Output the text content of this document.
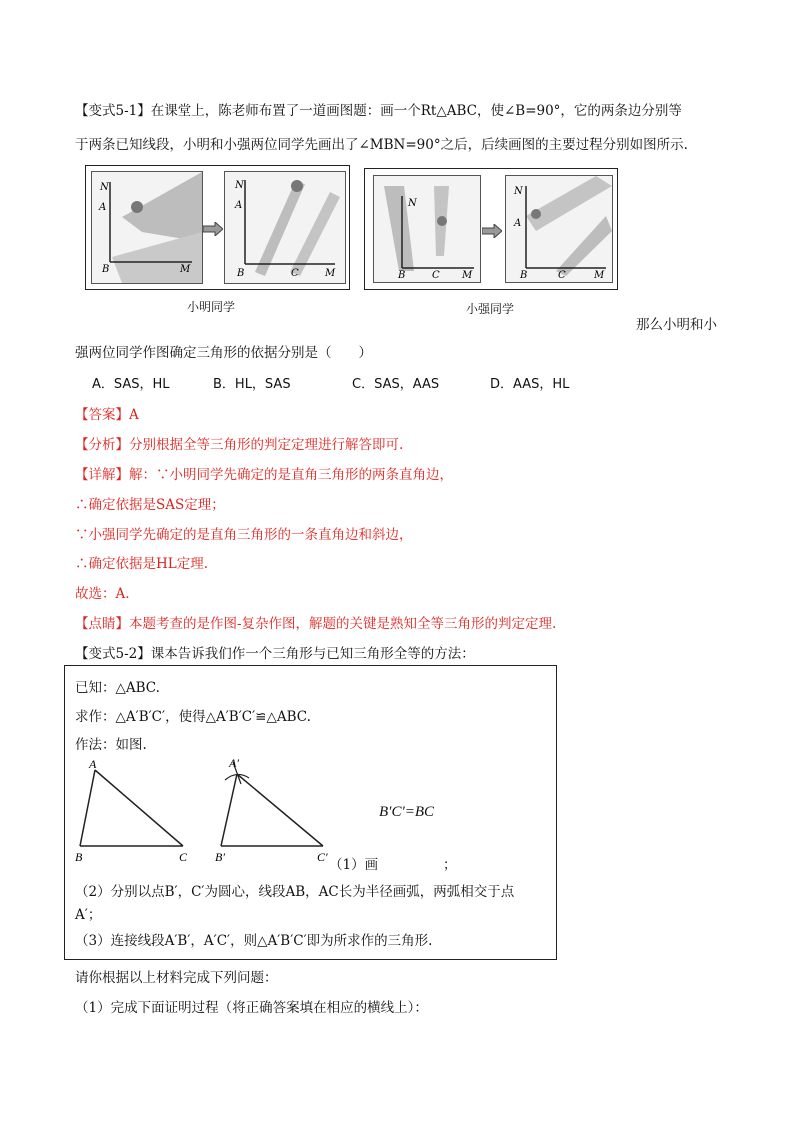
【变式5-1】在课堂上，陈老师布置了一道画图题：画一个Rt△ABC，使∠B=90°，它的两条边分别等
于两条已知线段，小明和小强两位同学先画出了∠MBN=90°之后，后续画图的主要过程分别如图所示.
N
A
B	M
N
A
B	C	M
小明同学
N
B	C M
N
A
B	C	M
小强同学
那么小明和小
强两位同学作图确定三角形的依据分别是（　　）
A．SAS，HL	B．HL，SAS	C．SAS，AAS	D．AAS，HL
【答案】A
【分析】分别根据全等三角形的判定定理进行解答即可.
【详解】解：∵小明同学先确定的是直角三角形的两条直角边，
∴确定依据是SAS定理；
∵小强同学先确定的是直角三角形的一条直角边和斜边，
∴确定依据是HL定理.
故选：A.
【点睛】本题考查的是作图-复杂作图，解题的关键是熟知全等三角形的判定定理.
【变式5-2】课本告诉我们作一个三角形与已知三角形全等的方法：
已知：△ABC.
求作：△A′B′C′，使得△A′B′C′≌△ABC.
作法：如图.
A
B	C
A′
B′	C′
B′C′=BC
（1）画	；
（2）分别以点B′，C′为圆心，线段AB，AC长为半径画弧，两弧相交于点
A′；
（3）连接线段A′B′，A′C′，则△A′B′C′即为所求作的三角形.
请你根据以上材料完成下列问题：
（1）完成下面证明过程（将正确答案填在相应的横线上）：
